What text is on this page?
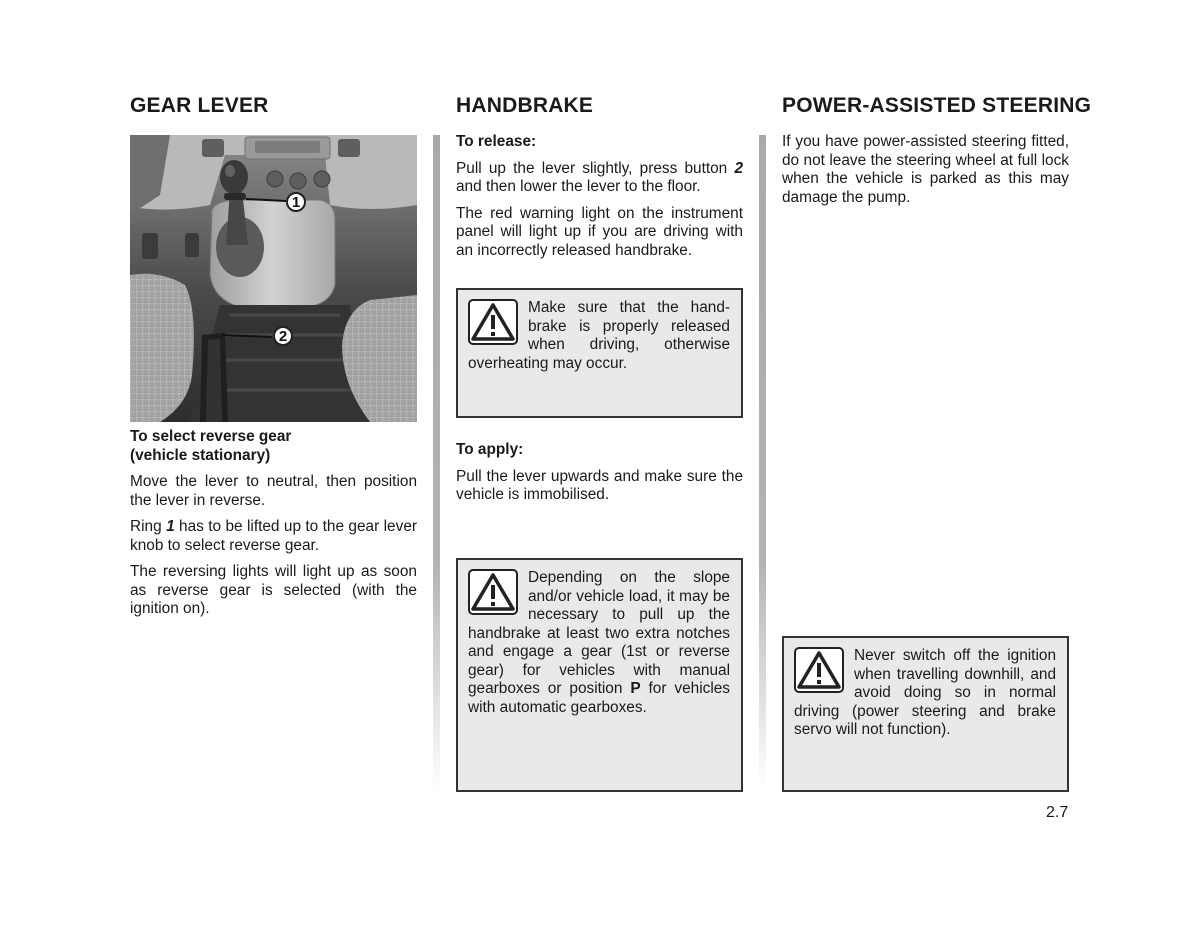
GEAR LEVER	HANDBRAKE	POWER-ASSISTED STEERING
1
2
To select reverse gear
(vehicle stationary)

Move the lever to neutral, then position the lever in reverse.

Ring 1 has to be lifted up to the gear lever knob to select reverse gear.

The reversing lights will light up as soon as reverse gear is selected (with the ignition on).

To release:

Pull up the lever slightly, press button 2 and then lower the lever to the floor.

The red warning light on the instrument panel will light up if you are driving with an incorrectly released handbrake.

Make sure that the hand-brake is properly released when driving, otherwise overheating may occur.

To apply:

Pull the lever upwards and make sure the vehicle is immobilised.

Depending on the slope and/or vehicle load, it may be necessary to pull up the handbrake at least two extra notches and engage a gear (1st or reverse gear) for vehicles with manual gearboxes or position P for vehicles with automatic gearboxes.

If you have power-assisted steering fitted, do not leave the steering wheel at full lock when the vehicle is parked as this may damage the pump.

Never switch off the ignition when travelling downhill, and avoid doing so in normal driving (power steering and brake servo will not function).

2.7
